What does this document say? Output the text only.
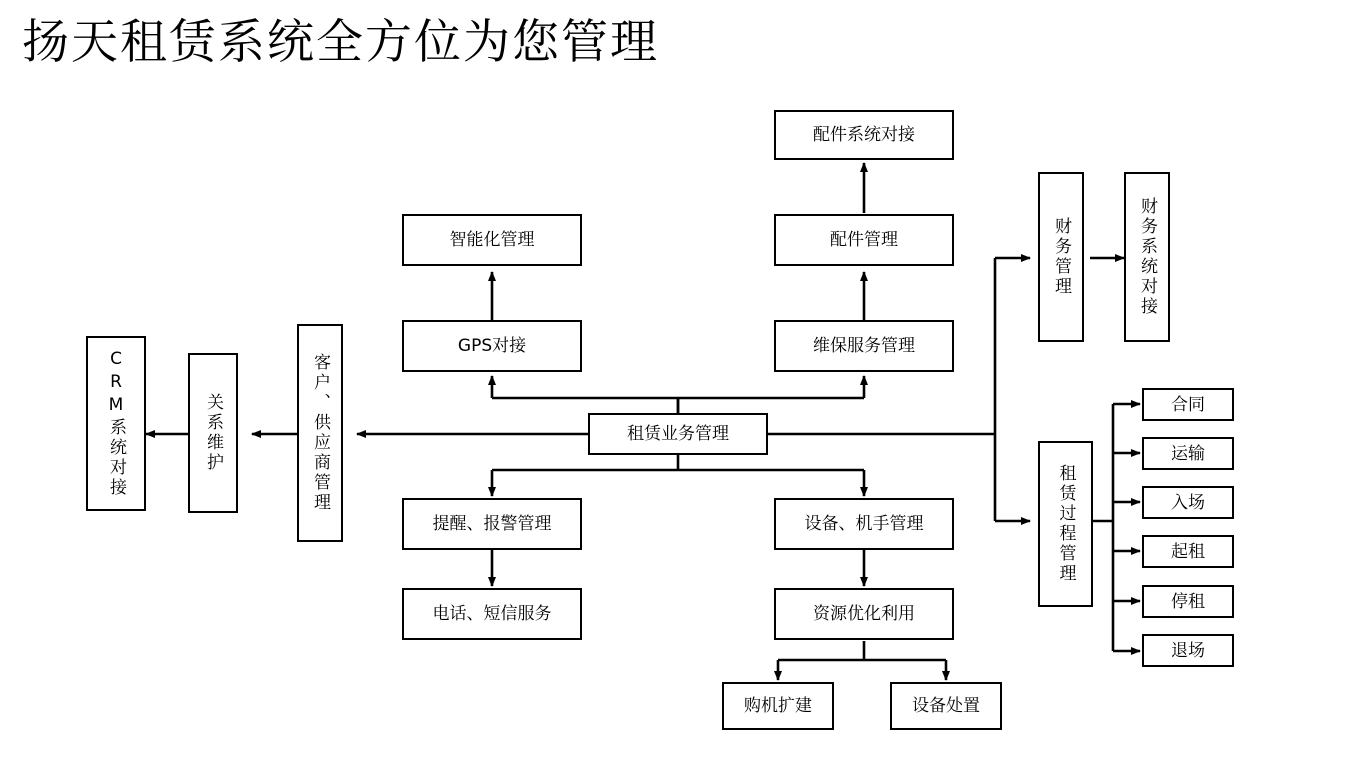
扬天租赁系统全方位为您管理
租赁业务管理
CRM系统对接	关系维护	客户、供应商管理
智能化管理
GPS对接
提醒、报警管理
电话、短信服务
配件系统对接
配件管理
维保服务管理
设备、机手管理
资源优化利用
购机扩建	设备处置
财务管理	财务系统对接
租赁过程管理
合同
运输
入场
起租
停租
退场
